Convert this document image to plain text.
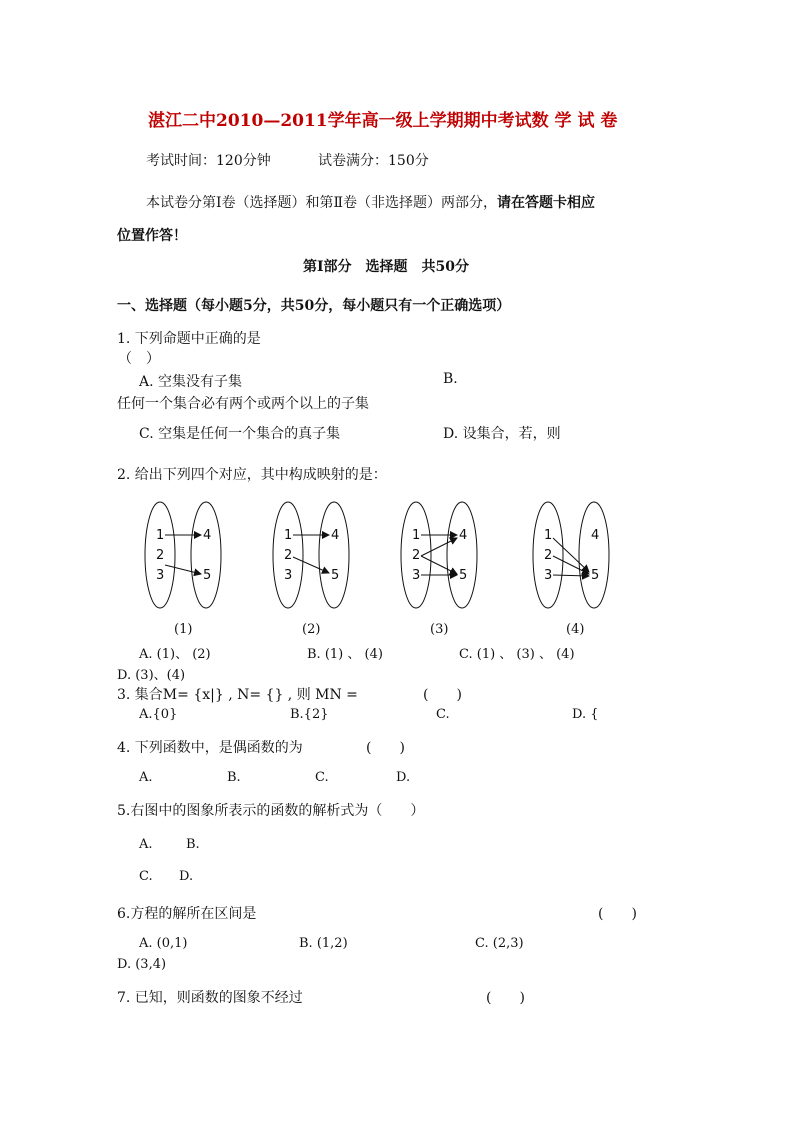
湛江二中2010—2011学年高一级上学期期中考试数 学 试 卷
考试时间：120分钟	试卷满分：150分
本试卷分第Ⅰ卷（选择题）和第Ⅱ卷（非选择题）两部分，请在答题卡相应
位置作答！
第Ⅰ部分　选择题　共50分
一、选择题（每小题5分，共50分，每小题只有一个正确选项）
1. 下列命题中正确的是
（　）
A. 空集没有子集	B.
任何一个集合必有两个或两个以上的子集
C. 空集是任何一个集合的真子集	D. 设集合，若，则
2. 给出下列四个对应，其中构成映射的是：
1
2
3
4
5
1
2
3
4
5
1
2
3
4
5
1
2
3
4
5
(1)	(2)	(3)	(4)
A. (1)、 (2)	B. (1) 、 (4)	C. (1) 、 (3) 、 (4)
D. (3)、(4)
3. 集合M= {x|} , N= {} , 则 MN =	(　　)
A.{0}	B.{2}	C.	D. {
4. 下列函数中，是偶函数的为	(　　)
A.	B.	C.	D.
5.右图中的图象所表示的函数的解析式为（　　）
A.	B.
C. D.
6.方程的解所在区间是	(　　)
A. (0,1)	B. (1,2)	C. (2,3)
D. (3,4)
7. 已知，则函数的图象不经过	(　　)
